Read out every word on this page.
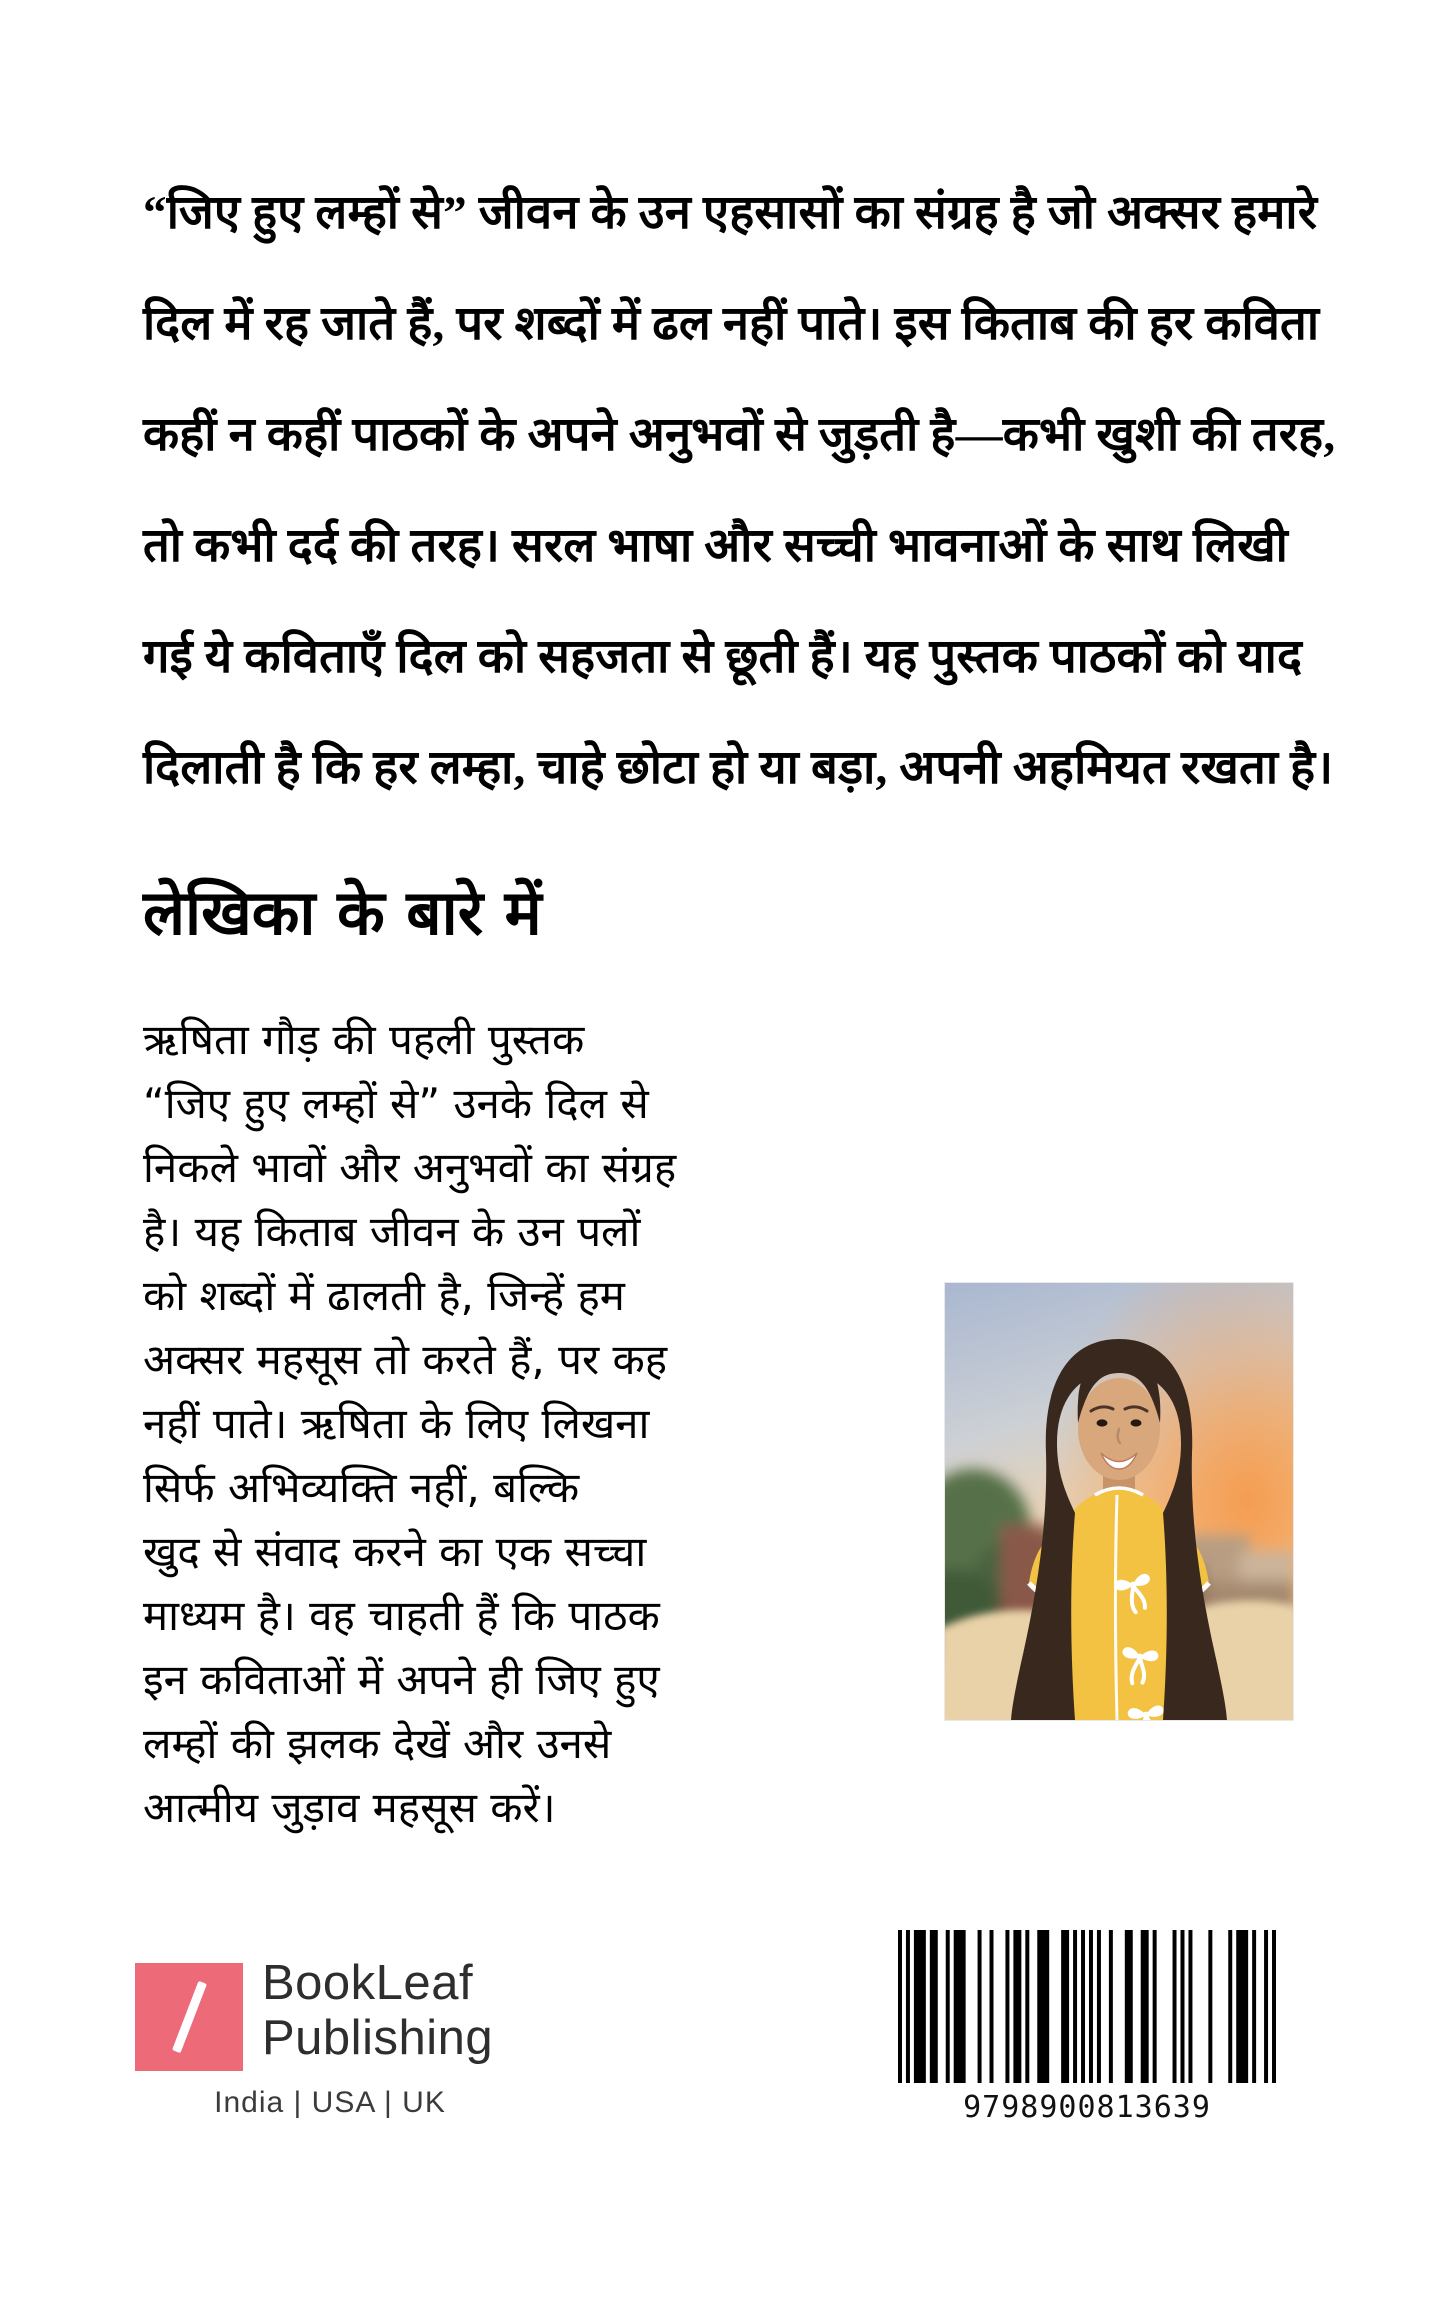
“जिए हुए लम्हों से” जीवन के उन एहसासों का संग्रह है जो अक्सर हमारे
दिल में रह जाते हैं, पर शब्दों में ढल नहीं पाते। इस किताब की हर कविता
कहीं न कहीं पाठकों के अपने अनुभवों से जुड़ती है—कभी खुशी की तरह,
तो कभी दर्द की तरह। सरल भाषा और सच्ची भावनाओं के साथ लिखी
गई ये कविताएँ दिल को सहजता से छूती हैं। यह पुस्तक पाठकों को याद
दिलाती है कि हर लम्हा, चाहे छोटा हो या बड़ा, अपनी अहमियत रखता है।
लेखिका के बारे में
ऋषिता गौड़ की पहली पुस्तक
“जिए हुए लम्हों से” उनके दिल से
निकले भावों और अनुभवों का संग्रह
है। यह किताब जीवन के उन पलों
को शब्दों में ढालती है, जिन्हें हम
अक्सर महसूस तो करते हैं, पर कह
नहीं पाते। ऋषिता के लिए लिखना
सिर्फ अभिव्यक्ति नहीं, बल्कि
खुद से संवाद करने का एक सच्चा
माध्यम है। वह चाहती हैं कि पाठक
इन कविताओं में अपने ही जिए हुए
लम्हों की झलक देखें और उनसे
आत्मीय जुड़ाव महसूस करें।
BookLeaf
Publishing
India | USA | UK	9798900813639
